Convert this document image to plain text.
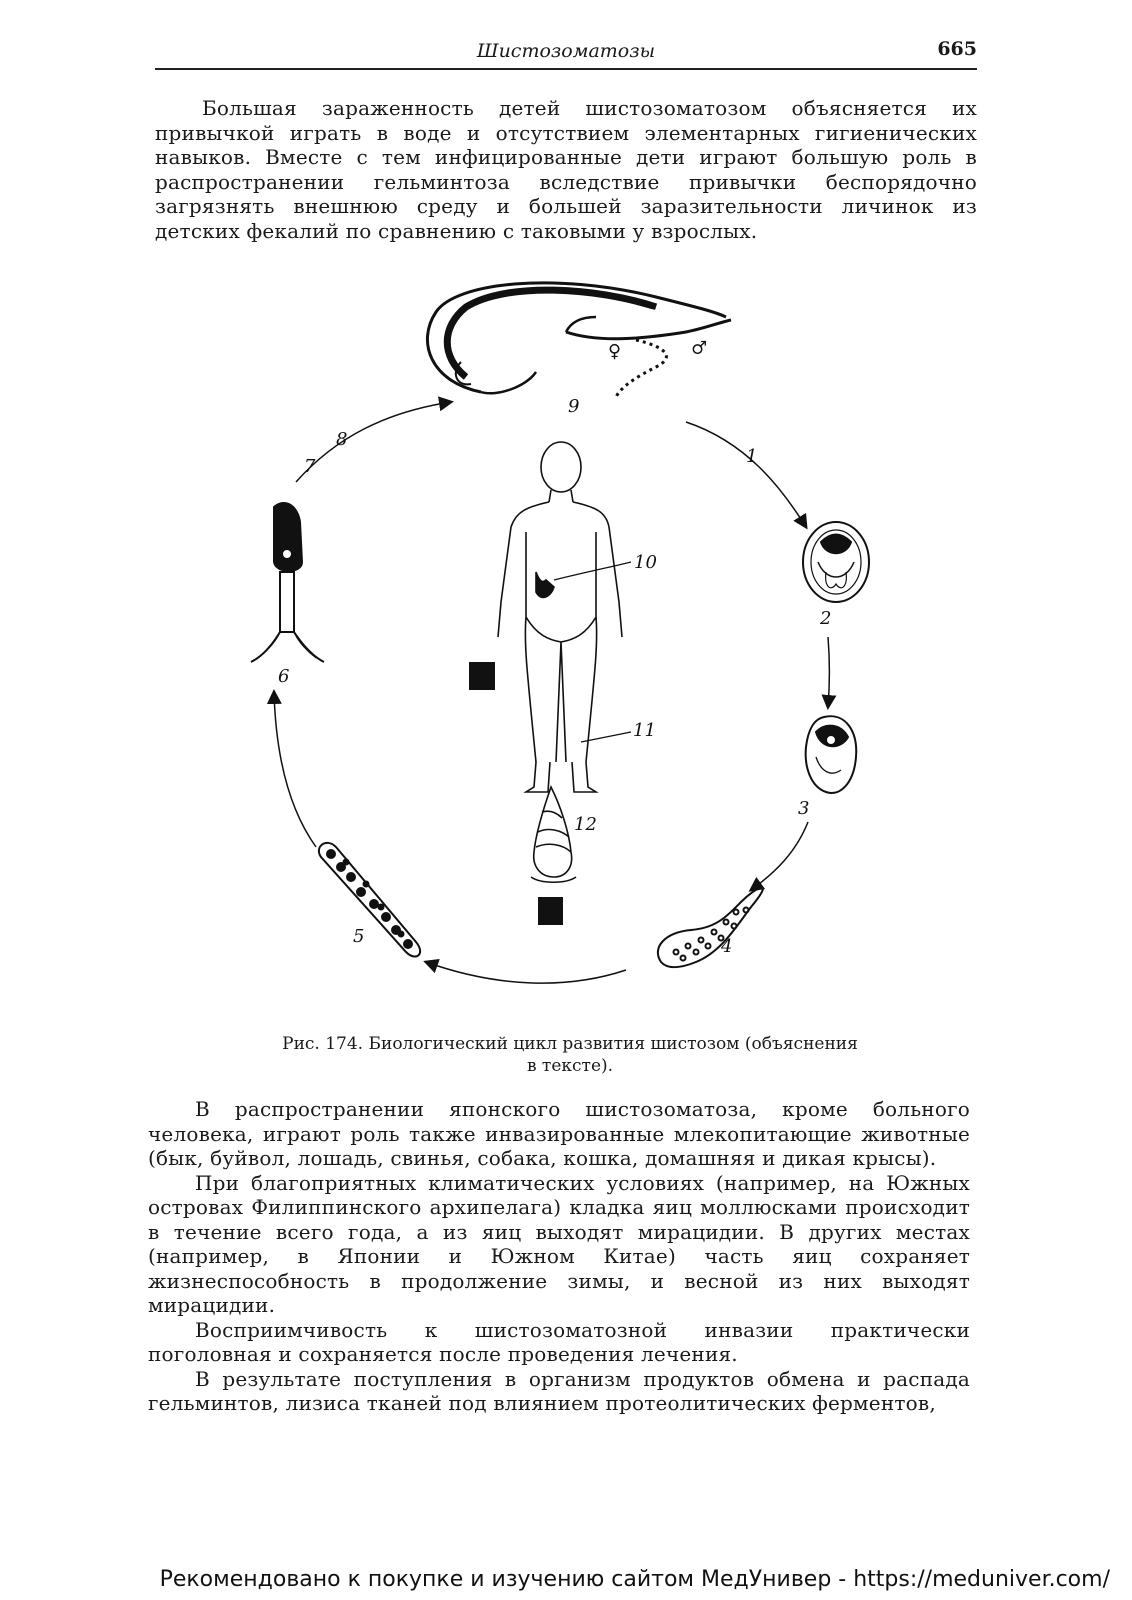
Шистозоматозы	665

Большая зараженность детей шистозоматозом объясняется их привычкой играть в воде и отсутствием элементарных гигиенических навыков. Вместе с тем инфицированные дети играют большую роль в распространении гельминтоза вследствие привычки беспорядочно загрязнять внешнюю среду и большей заразительности личинок из детских фекалий по сравнению с таковыми у взрослых.

♀	♂
9
1
2
3
4
5
6
7
8
10
11
12
Рис. 174. Биологический цикл развития шистозом (объяснения
в тексте).

В распространении японского шистозоматоза, кроме больного человека, играют роль также инвазированные млекопитающие животные (бык, буйвол, лошадь, свинья, собака, кошка, домашняя и дикая крысы).

При благоприятных климатических условиях (например, на Южных островах Филиппинского архипелага) кладка яиц моллюсками происходит в течение всего года, а из яиц выходят мирацидии. В других местах (например, в Японии и Южном Китае) часть яиц сохраняет жизнеспособность в продолжение зимы, и весной из них выходят мирацидии.

Восприимчивость к шистозоматозной инвазии практически поголовная и сохраняется после проведения лечения.

В результате поступления в организм продуктов обмена и распада гельминтов, лизиса тканей под влиянием протеолитических ферментов,

Рекомендовано к покупке и изучению сайтом МедУнивер - https://meduniver.com/
